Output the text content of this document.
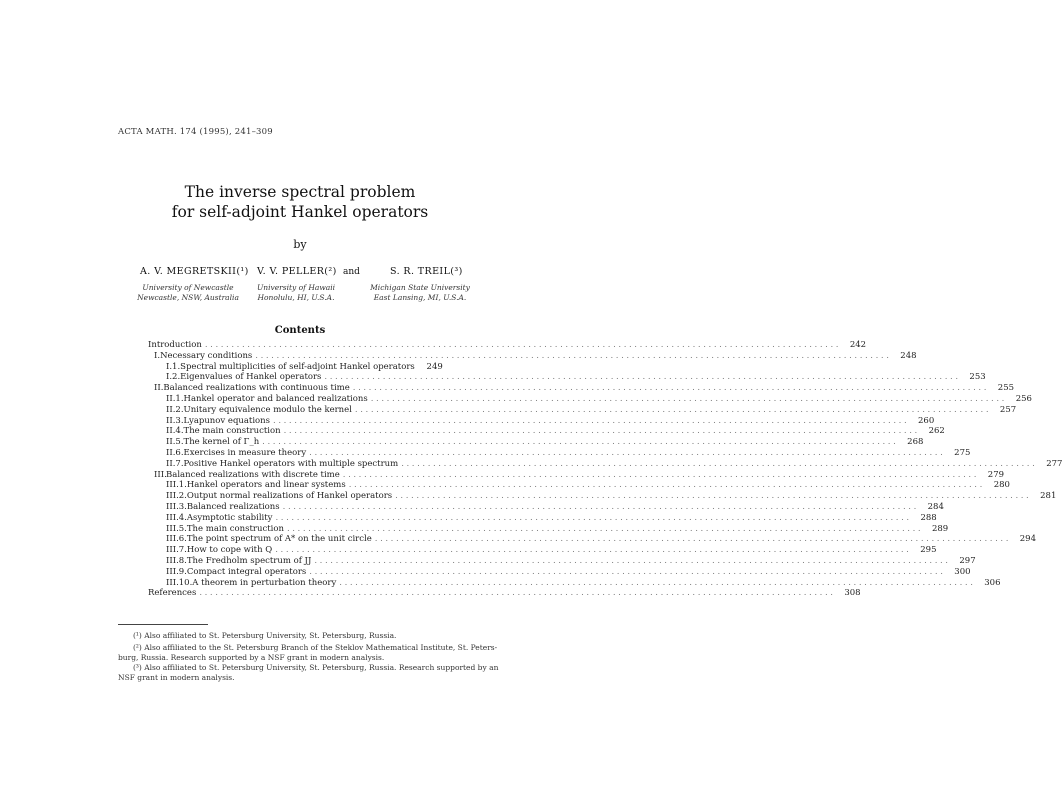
ACTA MATH. 174 (1995), 241–309
The inverse spectral problem
for self-adjoint Hankel operators
by
A. V. MEGRETSKII(¹) V. V. PELLER(²) and	S. R. TREIL(³)
University of Newcastle
Newcastle, NSW, Australia
University of Hawaii
Honolulu, HI, U.S.A.
Michigan State University
East Lansing, MI, U.S.A.
Contents
Introduction ........................................................................................................................	242
I. Necessary conditions ........................................................................................................................	248
I.1. Spectral multiplicities of self-adjoint Hankel operators	249
I.2. Eigenvalues of Hankel operators ........................................................................................................................	253
II. Balanced realizations with continuous time ........................................................................................................................	255
II.1. Hankel operator and balanced realizations ........................................................................................................................	256
II.2. Unitary equivalence modulo the kernel ........................................................................................................................	257
II.3. Lyapunov equations ........................................................................................................................	260
II.4. The main construction ........................................................................................................................	262
II.5. The kernel of Γ_h ........................................................................................................................	268
II.6. Exercises in measure theory ........................................................................................................................	275
II.7. Positive Hankel operators with multiple spectrum ........................................................................................................................	277
III. Balanced realizations with discrete time ........................................................................................................................	279
III.1. Hankel operators and linear systems ........................................................................................................................	280
III.2. Output normal realizations of Hankel operators ........................................................................................................................	281
III.3. Balanced realizations ........................................................................................................................	284
III.4. Asymptotic stability ........................................................................................................................	288
III.5. The main construction ........................................................................................................................	289
III.6. The point spectrum of A* on the unit circle ........................................................................................................................	294
III.7. How to cope with Q ........................................................................................................................	295
III.8. The Fredholm spectrum of JJ ........................................................................................................................	297
III.9. Compact integral operators ........................................................................................................................	300
III.10. A theorem in perturbation theory ........................................................................................................................	306
References ........................................................................................................................	308
(¹) Also affiliated to St. Petersburg University, St. Petersburg, Russia.
(²) Also affiliated to the St. Petersburg Branch of the Steklov Mathematical Institute, St. Peters-
burg, Russia. Research supported by a NSF grant in modern analysis.
(³) Also affiliated to St. Petersburg University, St. Petersburg, Russia. Research supported by an
NSF grant in modern analysis.
